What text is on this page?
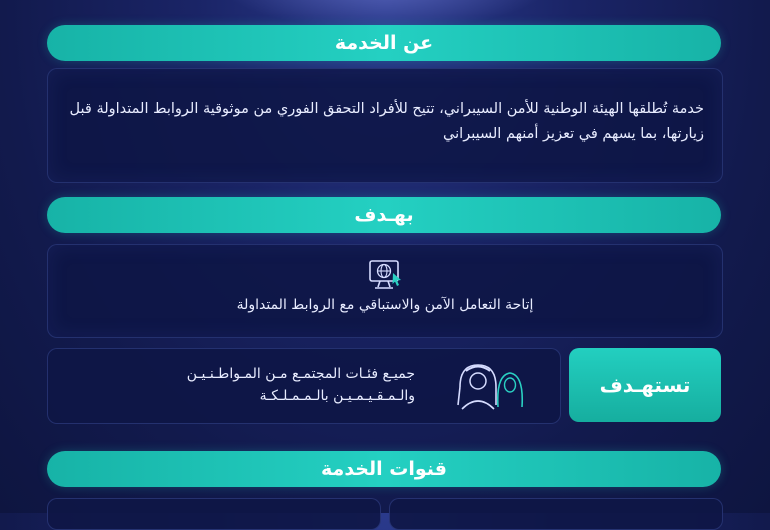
عن الخدمة
خدمة تُطلقها الهيئة الوطنية للأمن السيبراني، تتيح للأفراد التحقق الفوري من موثوقية الروابط المتداولة قبل زيارتها، بما يسهم في تعزيز أمنهم السيبراني
بهـدف
إتاحة التعامل الآمن والاستباقي مع الروابط المتداولة
تستهـدف
جميـع فئـات المجتمـع مـن المـواطـنـيـن
والـمـقـيـمـيـن بالـمـمـلـكـة
قنوات الخدمة
